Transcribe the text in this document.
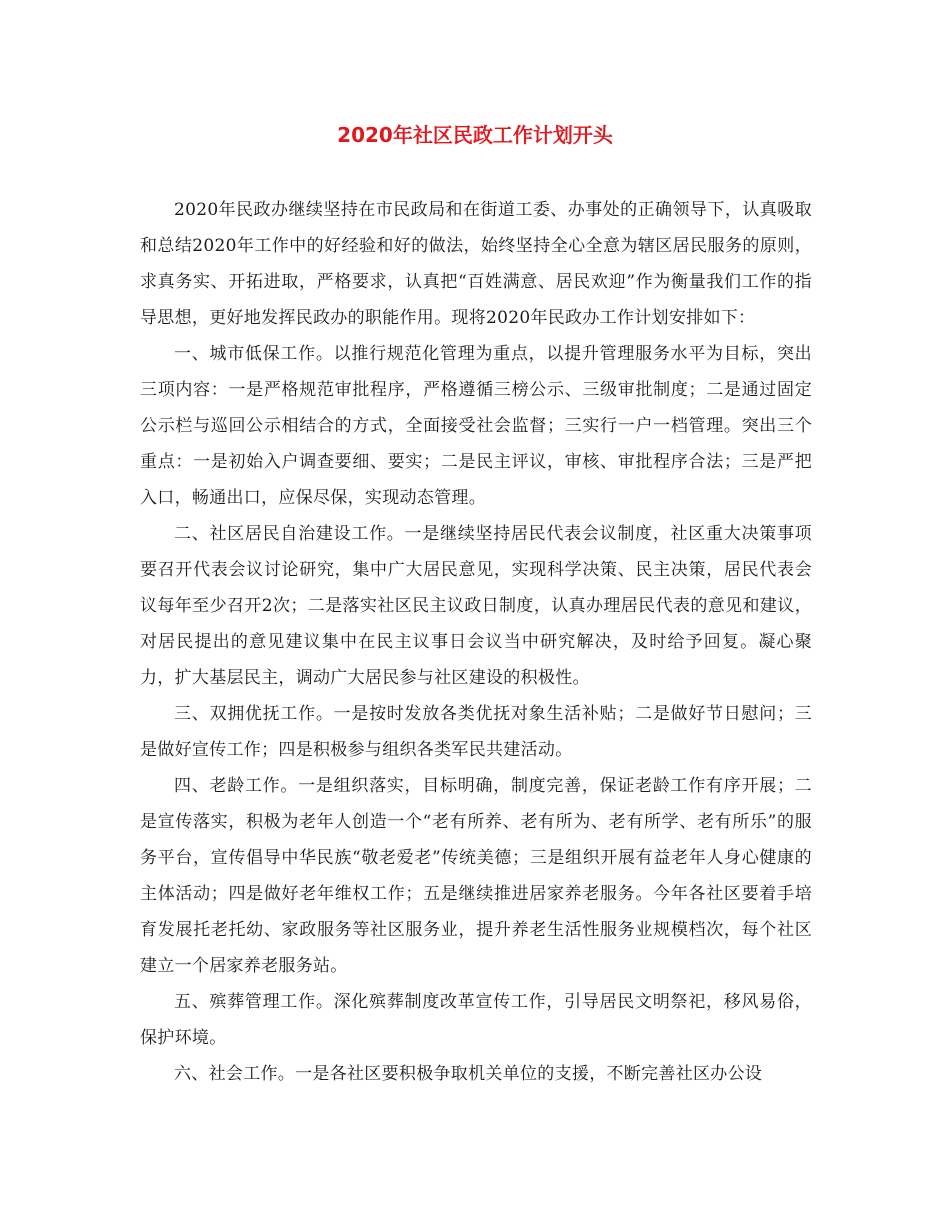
2020年社区民政工作计划开头

2020年民政办继续坚持在市民政局和在街道工委、办事处的正确领导下，认真吸取和总结2020年工作中的好经验和好的做法，始终坚持全心全意为辖区居民服务的原则，求真务实、开拓进取，严格要求，认真把“百姓满意、居民欢迎”作为衡量我们工作的指导思想，更好地发挥民政办的职能作用。现将2020年民政办工作计划安排如下：

一、城市低保工作。以推行规范化管理为重点，以提升管理服务水平为目标，突出三项内容：一是严格规范审批程序，严格遵循三榜公示、三级审批制度；二是通过固定公示栏与巡回公示相结合的方式，全面接受社会监督；三实行一户一档管理。突出三个重点：一是初始入户调查要细、要实；二是民主评议，审核、审批程序合法；三是严把入口，畅通出口，应保尽保，实现动态管理。

二、社区居民自治建设工作。一是继续坚持居民代表会议制度，社区重大决策事项要召开代表会议讨论研究，集中广大居民意见，实现科学决策、民主决策，居民代表会议每年至少召开2次；二是落实社区民主议政日制度，认真办理居民代表的意见和建议，对居民提出的意见建议集中在民主议事日会议当中研究解决，及时给予回复。凝心聚力，扩大基层民主，调动广大居民参与社区建设的积极性。

三、双拥优抚工作。一是按时发放各类优抚对象生活补贴；二是做好节日慰问；三是做好宣传工作；四是积极参与组织各类军民共建活动。

四、老龄工作。一是组织落实，目标明确，制度完善，保证老龄工作有序开展；二是宣传落实，积极为老年人创造一个“老有所养、老有所为、老有所学、老有所乐”的服务平台，宣传倡导中华民族“敬老爱老”传统美德；三是组织开展有益老年人身心健康的主体活动；四是做好老年维权工作；五是继续推进居家养老服务。今年各社区要着手培育发展托老托幼、家政服务等社区服务业，提升养老生活性服务业规模档次，每个社区建立一个居家养老服务站。

五、殡葬管理工作。深化殡葬制度改革宣传工作，引导居民文明祭祀，移风易俗，保护环境。

六、社会工作。一是各社区要积极争取机关单位的支援，不断完善社区办公设
